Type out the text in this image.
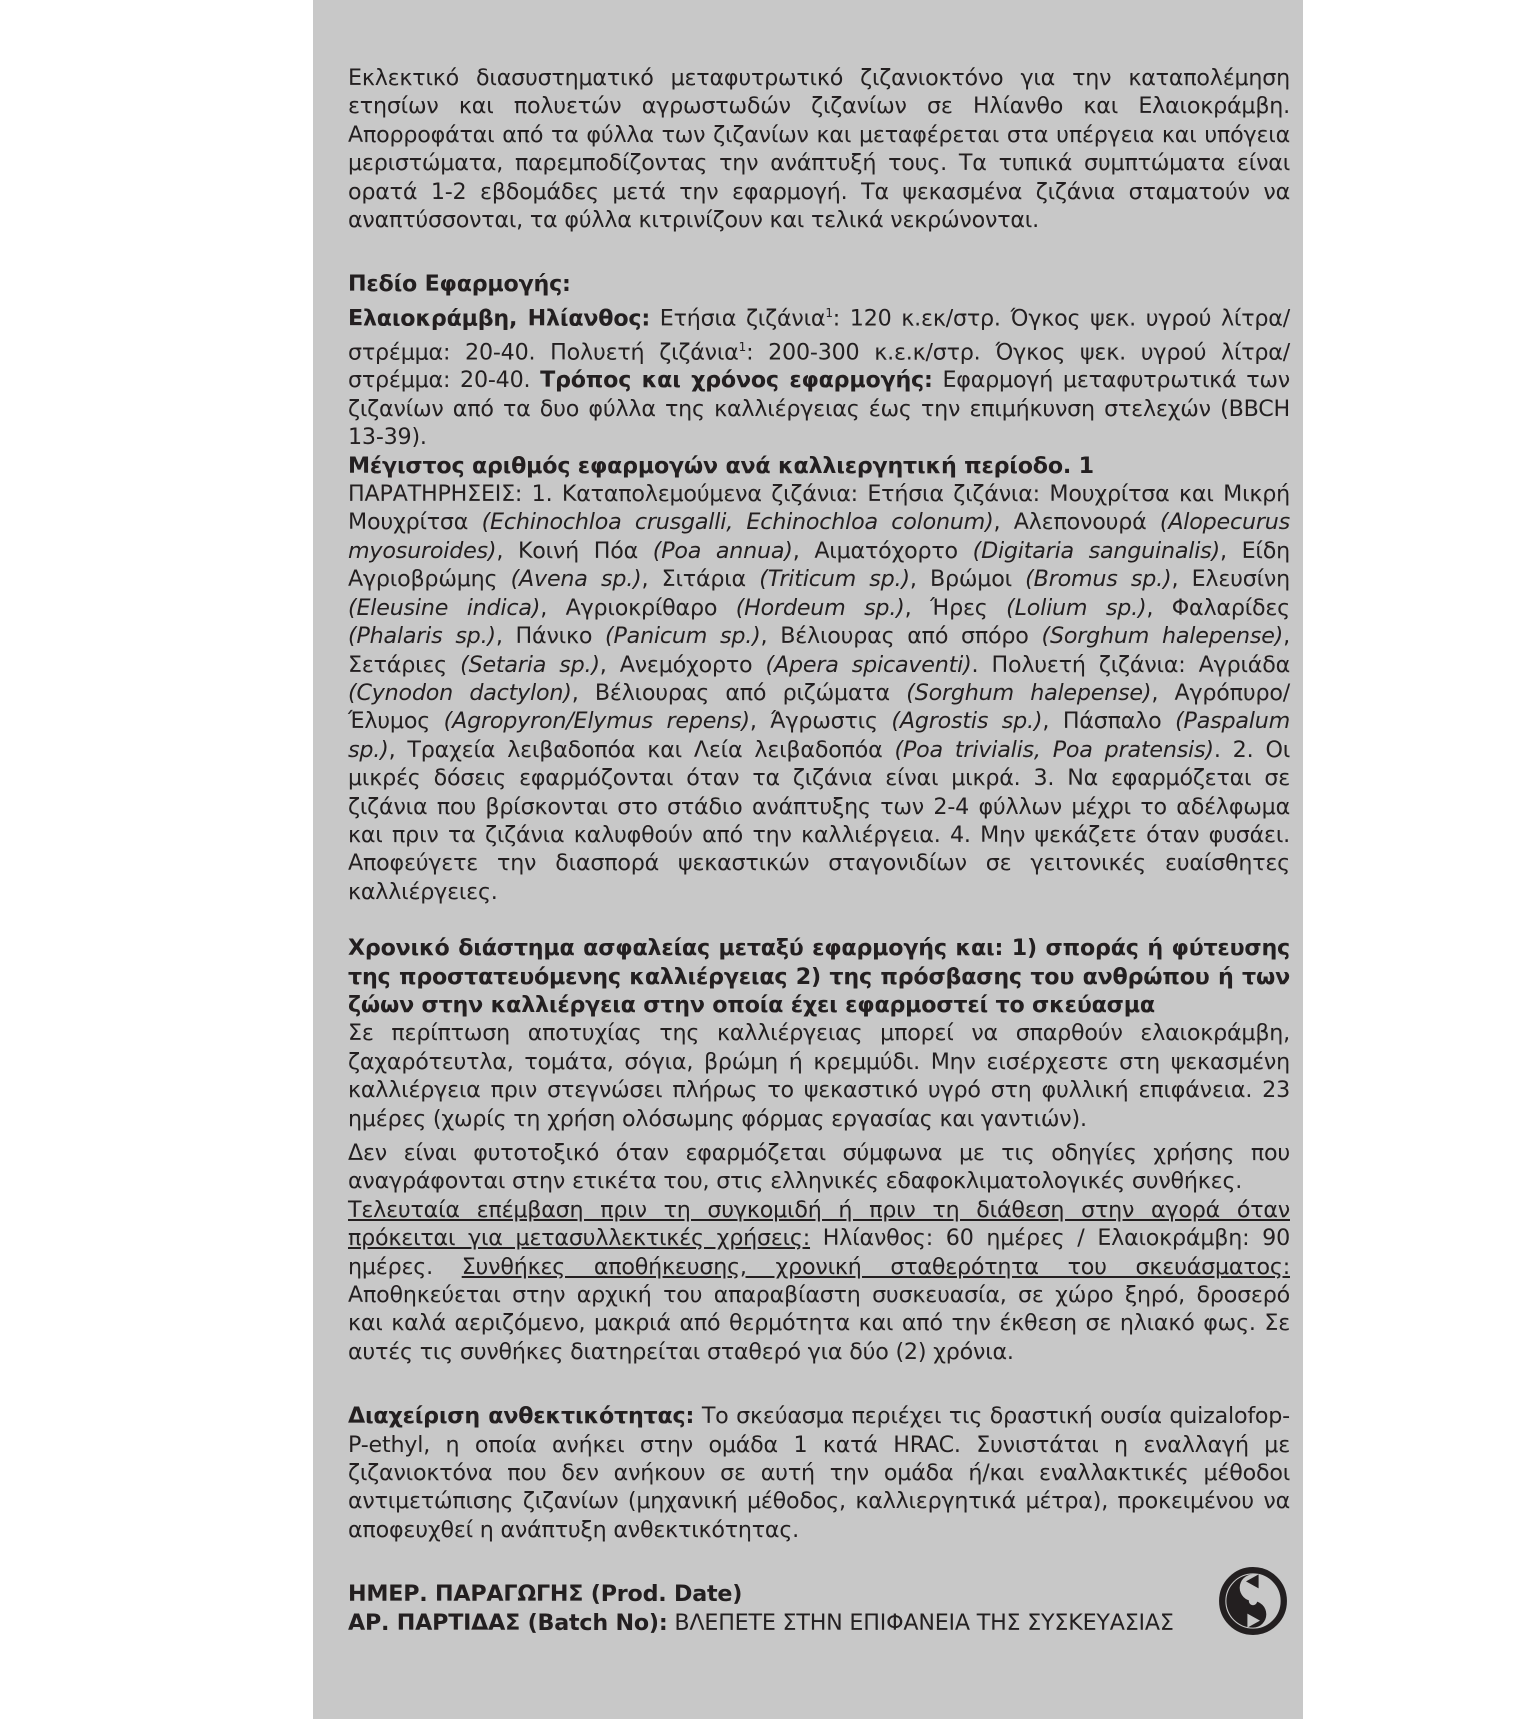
Εκλεκτικό διασυστηματικό μεταφυτρωτικό ζιζανιοκτόνο για την καταπολέμηση ετησίων και πολυετών αγρωστωδών ζιζανίων σε Ηλίανθο και Ελαιοκράμβη. Απορροφάται από τα φύλλα των ζιζανίων και μεταφέρεται στα υπέργεια και υπόγεια μεριστώματα, παρεμποδίζοντας την ανάπτυξή τους. Τα τυπικά συμπτώματα είναι ορατά 1-2 εβδομάδες μετά την εφαρμογή. Τα ψεκασμένα ζιζάνια σταματούν να αναπτύσσονται, τα φύλλα κιτρινίζουν και τελικά νεκρώνονται.

Πεδίο Εφαρμογής:

Ελαιοκράμβη, Ηλίανθος: Ετήσια ζιζάνια$^1$: 120 κ.εκ/στρ. Όγκος ψεκ. υγρού λίτρα/στρέμμα: 20-40. Πολυετή ζιζάνια$^1$: 200-300 κ.ε.κ/στρ. Όγκος ψεκ. υγρού λίτρα/στρέμμα: 20-40. Τρόπος και χρόνος εφαρμογής: Εφαρμογή μεταφυτρωτικά των ζιζανίων από τα δυο φύλλα της καλλιέργειας έως την επιμήκυνση στελεχών (BBCH 13-39).

Μέγιστος αριθμός εφαρμογών ανά καλλιεργητική περίοδο. 1

ΠΑΡΑΤΗΡΗΣΕΙΣ: 1. Καταπολεμούμενα ζιζάνια: Ετήσια ζιζάνια: Μουχρίτσα και Μικρή Μουχρίτσα (Echinochloa crusgalli, Echinochloa colonum), Αλεπονουρά (Alopecurus myosuroides), Κοινή Πόα (Poa annua), Αιματόχορτο (Digitaria sanguinalis), Είδη Αγριοβρώμης (Avena sp.), Σιτάρια (Triticum sp.), Βρώμοι (Bromus sp.), Ελευσίνη (Eleusine indica), Αγριοκρίθαρο (Hordeum sp.), Ήρες (Lolium sp.), Φαλαρίδες (Phalaris sp.), Πάνικο (Panicum sp.), Βέλιουρας από σπόρο (Sorghum halepense), Σετάριες (Setaria sp.), Ανεμόχορτο (Apera spicaventi). Πολυετή ζιζάνια: Αγριάδα (Cynodon dactylon), Βέλιουρας από ριζώματα (Sorghum halepense), Αγρόπυρο/Έλυμος (Agropyron/Elymus repens), Άγρωστις (Agrostis sp.), Πάσπαλο (Paspalum sp.), Τραχεία λειβαδοπόα και Λεία λειβαδοπόα (Poa trivialis, Poa pratensis). 2. Οι μικρές δόσεις εφαρμόζονται όταν τα ζιζάνια είναι μικρά. 3. Να εφαρμόζεται σε ζιζάνια που βρίσκονται στο στάδιο ανάπτυξης των 2-4 φύλλων μέχρι το αδέλφωμα και πριν τα ζιζάνια καλυφθούν από την καλλιέργεια. 4. Μην ψεκάζετε όταν φυσάει. Αποφεύγετε την διασπορά ψεκαστικών σταγονιδίων σε γειτονικές ευαίσθητες καλλιέργειες.

Χρονικό διάστημα ασφαλείας μεταξύ εφαρμογής και: 1) σποράς ή φύτευσης της προστατευόμενης καλλιέργειας 2) της πρόσβασης του ανθρώπου ή των ζώων στην καλλιέργεια στην οποία έχει εφαρμοστεί το σκεύασμα

Σε περίπτωση αποτυχίας της καλλιέργειας μπορεί να σπαρθούν ελαιοκράμβη, ζαχαρότευτλα, τομάτα, σόγια, βρώμη ή κρεμμύδι. Μην εισέρχεστε στη ψεκασμένη καλλιέργεια πριν στεγνώσει πλήρως το ψεκαστικό υγρό στη φυλλική επιφάνεια. 23 ημέρες (χωρίς τη χρήση ολόσωμης φόρμας εργασίας και γαντιών).

Δεν είναι φυτοτοξικό όταν εφαρμόζεται σύμφωνα με τις οδηγίες χρήσης που αναγράφονται στην ετικέτα του, στις ελληνικές εδαφοκλιματολογικές συνθήκες.

Τελευταία επέμβαση πριν τη συγκομιδή ή πριν τη διάθεση στην αγορά όταν πρόκειται για μετασυλλεκτικές χρήσεις: Ηλίανθος: 60 ημέρες / Ελαιοκράμβη: 90 ημέρες. Συνθήκες αποθήκευσης, χρονική σταθερότητα του σκευάσματος: Αποθηκεύεται στην αρχική του απαραβίαστη συσκευασία, σε χώρο ξηρό, δροσερό και καλά αεριζόμενο, μακριά από θερμότητα και από την έκθεση σε ηλιακό φως. Σε αυτές τις συνθήκες διατηρείται σταθερό για δύο (2) χρόνια.

Διαχείριση ανθεκτικότητας: Το σκεύασμα περιέχει τις δραστική ουσία quizalofop-P-ethyl, η οποία ανήκει στην ομάδα 1 κατά HRAC. Συνιστάται η εναλλαγή με ζιζανιοκτόνα που δεν ανήκουν σε αυτή την ομάδα ή/και εναλλακτικές μέθοδοι αντιμετώπισης ζιζανίων (μηχανική μέθοδος, καλλιεργητικά μέτρα), προκειμένου να αποφευχθεί η ανάπτυξη ανθεκτικότητας.

ΗΜΕΡ. ΠΑΡΑΓΩΓΗΣ (Prod. Date)

ΑΡ. ΠΑΡΤΙΔΑΣ (Batch No): ΒΛΕΠΕΤΕ ΣΤΗΝ ΕΠΙΦΑΝΕΙΑ ΤΗΣ ΣΥΣΚΕΥΑΣΙΑΣ
